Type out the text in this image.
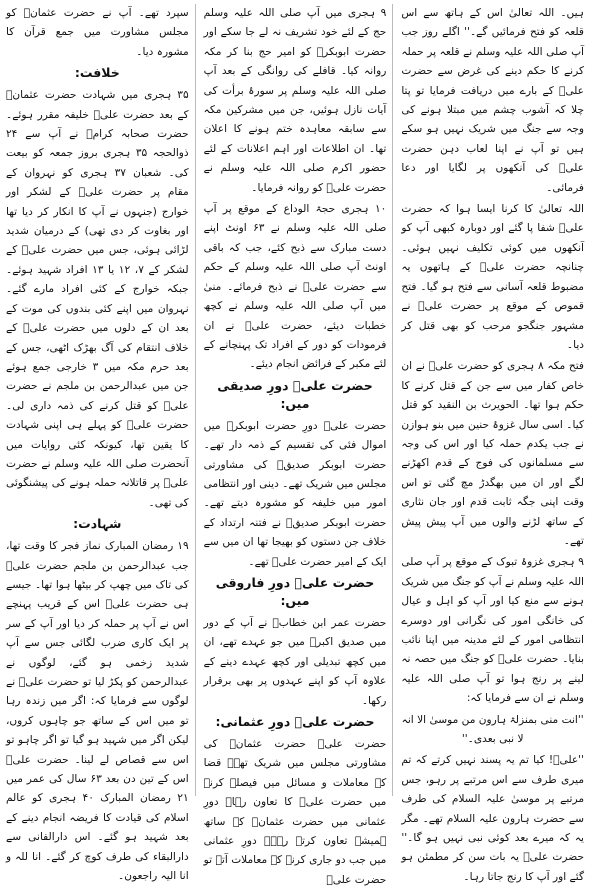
ہیں۔ اللہ تعالیٰ اس کے ہاتھ سے اس قلعہ کو فتح فرمائیں گے۔'' اگلے روز جب آپ صلی اللہ علیہ وسلم نے قلعہ پر حملہ کرنے کا حکم دینے کی غرض سے حضرت علیؓ کے بارے میں دریافت فرمایا تو پتا چلا کہ آشوب چشم میں مبتلا ہونے کی وجہ سے جنگ میں شریک نہیں ہو سکے ہیں تو آپ نے اپنا لعاب دہن حضرت علیؓ کی آنکھوں پر لگایا اور دعا فرمائی۔

اللہ تعالیٰ کا کرنا ایسا ہوا کہ حضرت علیؓ شفا پا گئے اور دوبارہ کبھی آپ کو آنکھوں میں کوئی تکلیف نہیں ہوئی۔ چنانچہ حضرت علیؓ کے ہاتھوں یہ مضبوط قلعہ آسانی سے فتح ہو گیا۔ فتح قموص کے موقع پر حضرت علیؓ نے مشہور جنگجو مرحب کو بھی قتل کر دیا۔

فتح مکہ ۸ ہجری کو حضرت علیؓ نے ان خاص کفار میں سے جن کے قتل کرنے کا حکم ہوا تھا۔ الحویرث بن النقید کو قتل کیا۔ اسی سال غزوۂ حنین میں بنو ہوازن نے جب یکدم حملہ کیا اور اس کی وجہ سے مسلمانوں کی فوج کے قدم اکھڑنے لگے اور ان میں بھگدڑ مچ گئی تو اس وقت اپنی جگہ ثابت قدم اور جان نثاری کے ساتھ لڑنے والوں میں آپ پیش پیش تھے۔

۹ ہجری غزوۂ تبوک کے موقع پر آپ صلی اللہ علیہ وسلم نے آپ کو جنگ میں شریک ہونے سے منع کیا اور آپ کو اہل و عیال کی خانگی امور کی نگرانی اور دوسرے انتظامی امور کے لئے مدینہ میں اپنا نائب بنایا۔ حضرت علیؓ کو جنگ میں حصہ نہ لینے پر رنج ہوا تو آپ صلی اللہ علیہ وسلم نے ان سے فرمایا کہ:

''انت منی بمنزلۃ ہارون من موسیٰ الا انہ لا نبی بعدی۔''

''علیؓ! کیا تم یہ پسند نہیں کرتے کہ تم میری طرف سے اس مرتبے پر رہو، جس مرتبے پر موسیٰ علیہ السلام کی طرف سے حضرت ہارون علیہ السلام تھے۔ مگر یہ کہ میرے بعد کوئی نبی نہیں ہو گا۔'' حضرت علیؓ یہ بات سن کر مطمئن ہو گئے اور آپ کا رنج جاتا رہا۔

۹ ہجری میں آپ صلی اللہ علیہ وسلم حج کے لئے خود تشریف نہ لے جا سکے اور حضرت ابوبکرؓ کو امیر حج بنا کر مکہ روانہ کیا۔ قافلے کی روانگی کے بعد آپ صلی اللہ علیہ وسلم پر سورۂ برأت کی آیات نازل ہوئیں، جن میں مشرکین مکہ سے سابقہ معاہدہ ختم ہونے کا اعلان تھا۔ ان اطلاعات اور اہم اعلانات کے لئے حضور اکرم صلی اللہ علیہ وسلم نے حضرت علیؓ کو روانہ فرمایا۔

۱۰ ہجری حجۃ الوداع کے موقع پر آپ صلی اللہ علیہ وسلم نے ۶۳ اونٹ اپنے دست مبارک سے ذبح کئے، جب کہ باقی اونٹ آپ صلی اللہ علیہ وسلم کے حکم سے حضرت علیؓ نے ذبح فرمائے۔ منیٰ میں آپ صلی اللہ علیہ وسلم نے کچھ خطبات دیئے، حضرت علیؓ نے ان فرمودات کو دور کے افراد تک پہنچانے کے لئے مکبر کے فرائض انجام دیئے۔

حضرت علیؓ دورِ صدیقی میں:

حضرت علیؓ دورِ حضرت ابوبکرؓ میں اموال فئی کی تقسیم کے ذمہ دار تھے۔ حضرت ابوبکر صدیقؓ کی مشاورتی مجلس میں شریک تھے۔ دینی اور انتظامی امور میں خلیفہ کو مشورہ دیتے تھے۔ حضرت ابوبکر صدیقؓ نے فتنہ ارتداد کے خلاف جن دستوں کو بھیجا تھا ان میں سے ایک کے امیر حضرت علیؓ تھے۔

حضرت علیؓ دورِ فاروقی میں:

حضرت عمر ابن خطابؓ نے آپ کے دور میں صدیق اکبرؓ میں جو عہدے تھے، ان میں کچھ تبدیلی اور کچھ عہدے دینے کے علاوہ آپ کو اپنے عہدوں پر بھی برقرار رکھا۔

حضرت علیؓ دورِ عثمانی:

حضرت علیؓ حضرت عثمانؓ کی مشاورتی مجلس میں شریک تھے۔ قضا کے معاملات و مسائل میں فیصلہ کرنے میں حضرت علیؓ کا تعاون رہا۔ دورِ عثمانی میں حضرت عثمانؓ کے ساتھ ہمیشہ تعاون کرتے رہے۔ دورِ عثمانی میں جب دو جاری کرنے کے معاملات آتے تو حضرت علیؓ

سپرد تھے۔ آپ نے حضرت عثمانؓ کو مجلس مشاورت میں جمع قرآن کا مشورہ دیا۔

خلافت:

۳۵ ہجری میں شہادت حضرت عثمانؓ کے بعد حضرت علیؓ خلیفہ مقرر ہوئے۔ حضرت صحابہ کرامؓ نے آپ سے ۲۴ ذوالحجہ ۳۵ ہجری بروز جمعہ کو بیعت کی۔ شعبان ۳۷ ہجری کو نہروان کے مقام پر حضرت علیؓ کے لشکر اور خوارج (جنہوں نے آپ کا انکار کر دیا تھا اور بغاوت کر دی تھی) کے درمیان شدید لڑائی ہوئی، جس میں حضرت علیؓ کے لشکر کے ۷، ۱۲ یا ۱۳ افراد شہید ہوئے۔ جبکہ خوارج کے کئی افراد مارے گئے۔ نہروان میں اپنے کئی بندوں کی موت کے بعد ان کے دلوں میں حضرت علیؓ کے خلاف انتقام کی آگ بھڑک اٹھی، جس کے بعد حرم مکہ میں ۳ خارجی جمع ہوئے جن میں عبدالرحمن بن ملجم نے حضرت علیؓ کو قتل کرنے کی ذمہ داری لی۔ حضرت علیؓ کو پہلے ہی اپنی شہادت کا یقین تھا، کیونکہ کئی روایات میں آنحضرت صلی اللہ علیہ وسلم نے حضرت علیؓ پر قاتلانہ حملہ ہونے کی پیشنگوئی کی تھی۔

شہادت:

۱۹ رمضان المبارک نماز فجر کا وقت تھا، جب عبدالرحمن بن ملجم حضرت علیؓ کی تاک میں چھپ کر بیٹھا ہوا تھا۔ جیسے ہی حضرت علیؓ اس کے قریب پہنچے اس نے آپ پر حملہ کر دیا اور آپ کے سر پر ایک کاری ضرب لگائی جس سے آپ شدید زخمی ہو گئے، لوگوں نے عبدالرحمن کو پکڑ لیا تو حضرت علیؓ نے لوگوں سے فرمایا کہ: اگر میں زندہ رہا تو میں اس کے ساتھ جو چاہوں کروں، لیکن اگر میں شہید ہو گیا تو اگر چاہو تو اس سے قصاص لے لینا۔ حضرت علیؓ اس کے تین دن بعد ۶۳ سال کی عمر میں ۲۱ رمضان المبارک ۴۰ ہجری کو عالم اسلام کی قیادت کا فریضہ انجام دینے کے بعد شہید ہو گئے۔ اس دارالفانی سے دارالبقاء کی طرف کوچ کر گئے۔ انا للہ و انا الیہ راجعون۔
